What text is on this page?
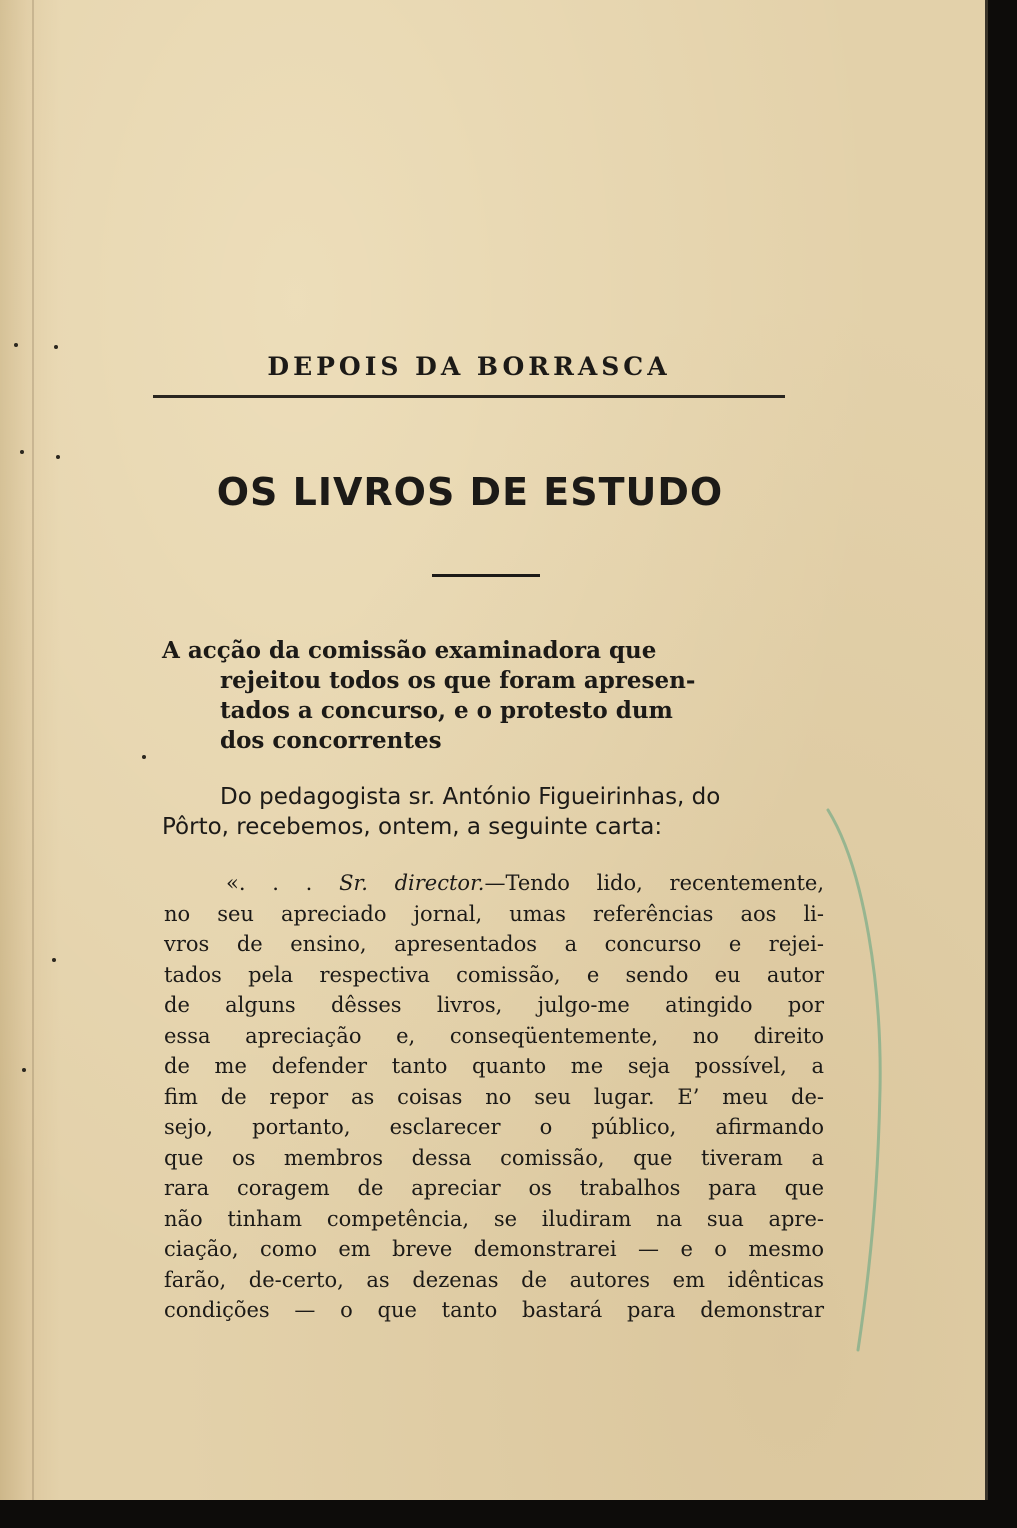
DEPOIS DA BORRASCA
OS LIVROS DE ESTUDO
A acção da comissão examinadora que
rejeitou todos os que foram apresen-
tados a concurso, e o protesto dum
dos concorrentes
Do pedagogista sr. António Figueirinhas, do
Pôrto, recebemos, ontem, a seguinte carta:
«. . . Sr. director.—Tendo lido, recentemente,
no seu apreciado jornal, umas referências aos li-
vros de ensino, apresentados a concurso e rejei-
tados pela respectiva comissão, e sendo eu autor
de alguns dêsses livros, julgo-me atingido por
essa apreciação e, conseqüentemente, no direito
de me defender tanto quanto me seja possível, a
fim de repor as coisas no seu lugar. E’ meu de-
sejo, portanto, esclarecer o público, afirmando
que os membros dessa comissão, que tiveram a
rara coragem de apreciar os trabalhos para que
não tinham competência, se iludiram na sua apre-
ciação, como em breve demonstrarei — e o mesmo
farão, de-certo, as dezenas de autores em idênticas
condições — o que tanto bastará para demonstrar
